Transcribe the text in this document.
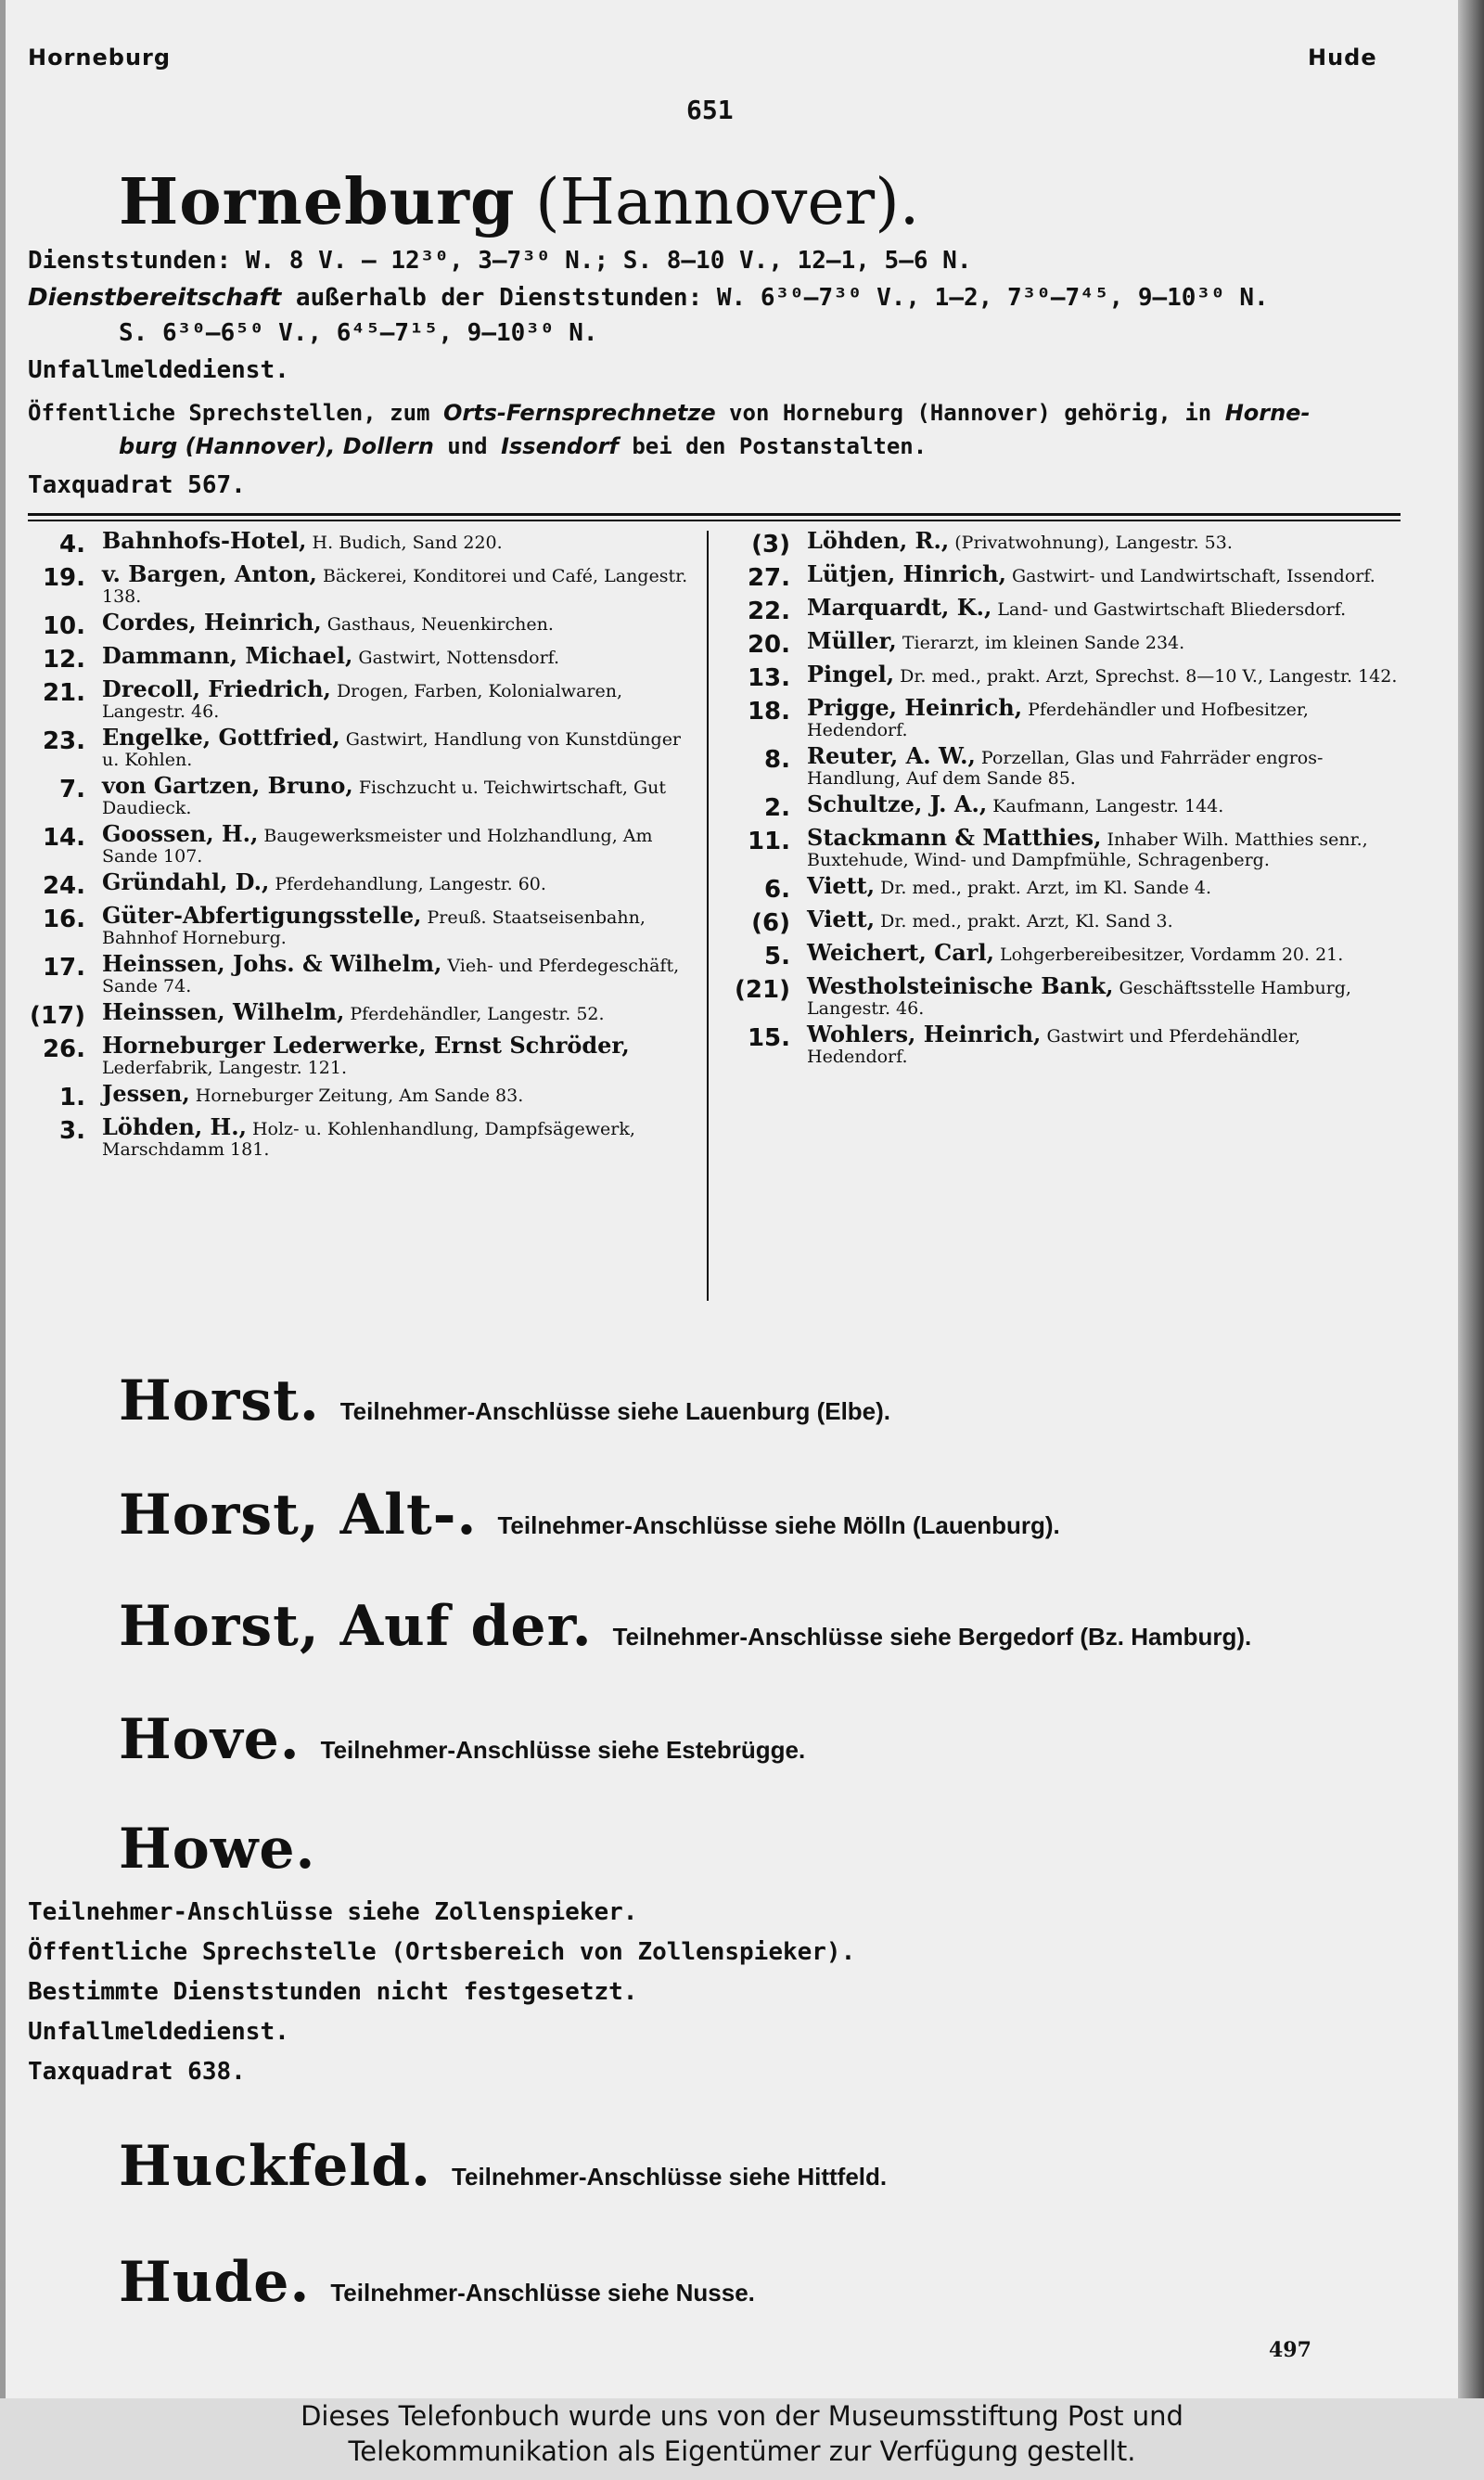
Horneburg	Hude
651
Horneburg (Hannover).
Dienststunden: W. 8 V. — 12³⁰, 3—7³⁰ N.; S. 8—10 V., 12—1, 5—6 N.
Dienstbereitschaft außerhalb der Dienststunden: W. 6³⁰—7³⁰ V., 1—2, 7³⁰—7⁴⁵, 9—10³⁰ N.
S. 6³⁰—6⁵⁰ V., 6⁴⁵—7¹⁵, 9—10³⁰ N.
Unfallmeldedienst.
Öffentliche Sprechstellen, zum Orts-Fernsprechnetze von Horneburg (Hannover) gehörig, in Horne-
burg (Hannover), Dollern und Issendorf bei den Postanstalten.
Taxquadrat 567.
4. Bahnhofs-Hotel, H. Budich, Sand 220.
19. v. Bargen, Anton, Bäckerei, Konditorei und Café, Langestr. 138.
10. Cordes, Heinrich, Gasthaus, Neuenkirchen.
12. Dammann, Michael, Gastwirt, Nottensdorf.
21. Drecoll, Friedrich, Drogen, Farben, Kolonialwaren, Langestr. 46.
23. Engelke, Gottfried, Gastwirt, Handlung von Kunstdünger u. Kohlen.
7. von Gartzen, Bruno, Fischzucht u. Teichwirtschaft, Gut Daudieck.
14. Goossen, H., Baugewerksmeister und Holzhandlung, Am Sande 107.
24. Gründahl, D., Pferdehandlung, Langestr. 60.
16. Güter-Abfertigungsstelle, Preuß. Staatseisenbahn, Bahnhof Horneburg.
17. Heinssen, Johs. & Wilhelm, Vieh- und Pferdegeschäft, Sande 74.
(17) Heinssen, Wilhelm, Pferdehändler, Langestr. 52.
26. Horneburger Lederwerke, Ernst Schröder, Lederfabrik, Langestr. 121.
1. Jessen, Horneburger Zeitung, Am Sande 83.
3. Löhden, H., Holz- u. Kohlenhandlung, Dampfsägewerk, Marschdamm 181.
(3) Löhden, R., (Privatwohnung), Langestr. 53.
27. Lütjen, Hinrich, Gastwirt- und Landwirtschaft, Issendorf.
22. Marquardt, K., Land- und Gastwirtschaft Bliedersdorf.
20. Müller, Tierarzt, im kleinen Sande 234.
13. Pingel, Dr. med., prakt. Arzt, Sprechst. 8—10 V., Langestr. 142.
18. Prigge, Heinrich, Pferdehändler und Hofbesitzer, Hedendorf.
8. Reuter, A. W., Porzellan, Glas und Fahrräder engros-Handlung, Auf dem Sande 85.
2. Schultze, J. A., Kaufmann, Langestr. 144.
11. Stackmann & Matthies, Inhaber Wilh. Matthies senr., Buxtehude, Wind- und Dampfmühle, Schragenberg.
6. Viett, Dr. med., prakt. Arzt, im Kl. Sande 4.
(6) Viett, Dr. med., prakt. Arzt, Kl. Sand 3.
5. Weichert, Carl, Lohgerbereibesitzer, Vordamm 20. 21.
(21) Westholsteinische Bank, Geschäftsstelle Hamburg, Langestr. 46.
15. Wohlers, Heinrich, Gastwirt und Pferdehändler, Hedendorf.
Horst. Teilnehmer-Anschlüsse siehe Lauenburg (Elbe).
Horst, Alt-. Teilnehmer-Anschlüsse siehe Mölln (Lauenburg).
Horst, Auf der. Teilnehmer-Anschlüsse siehe Bergedorf (Bz. Hamburg).
Hove. Teilnehmer-Anschlüsse siehe Estebrügge.
Howe.
Teilnehmer-Anschlüsse siehe Zollenspieker.
Öffentliche Sprechstelle (Ortsbereich von Zollenspieker).
Bestimmte Dienststunden nicht festgesetzt.
Unfallmeldedienst.
Taxquadrat 638.
Huckfeld. Teilnehmer-Anschlüsse siehe Hittfeld.
Hude. Teilnehmer-Anschlüsse siehe Nusse.
497
Dieses Telefonbuch wurde uns von der Museumsstiftung Post und
Telekommunikation als Eigentümer zur Verfügung gestellt.
